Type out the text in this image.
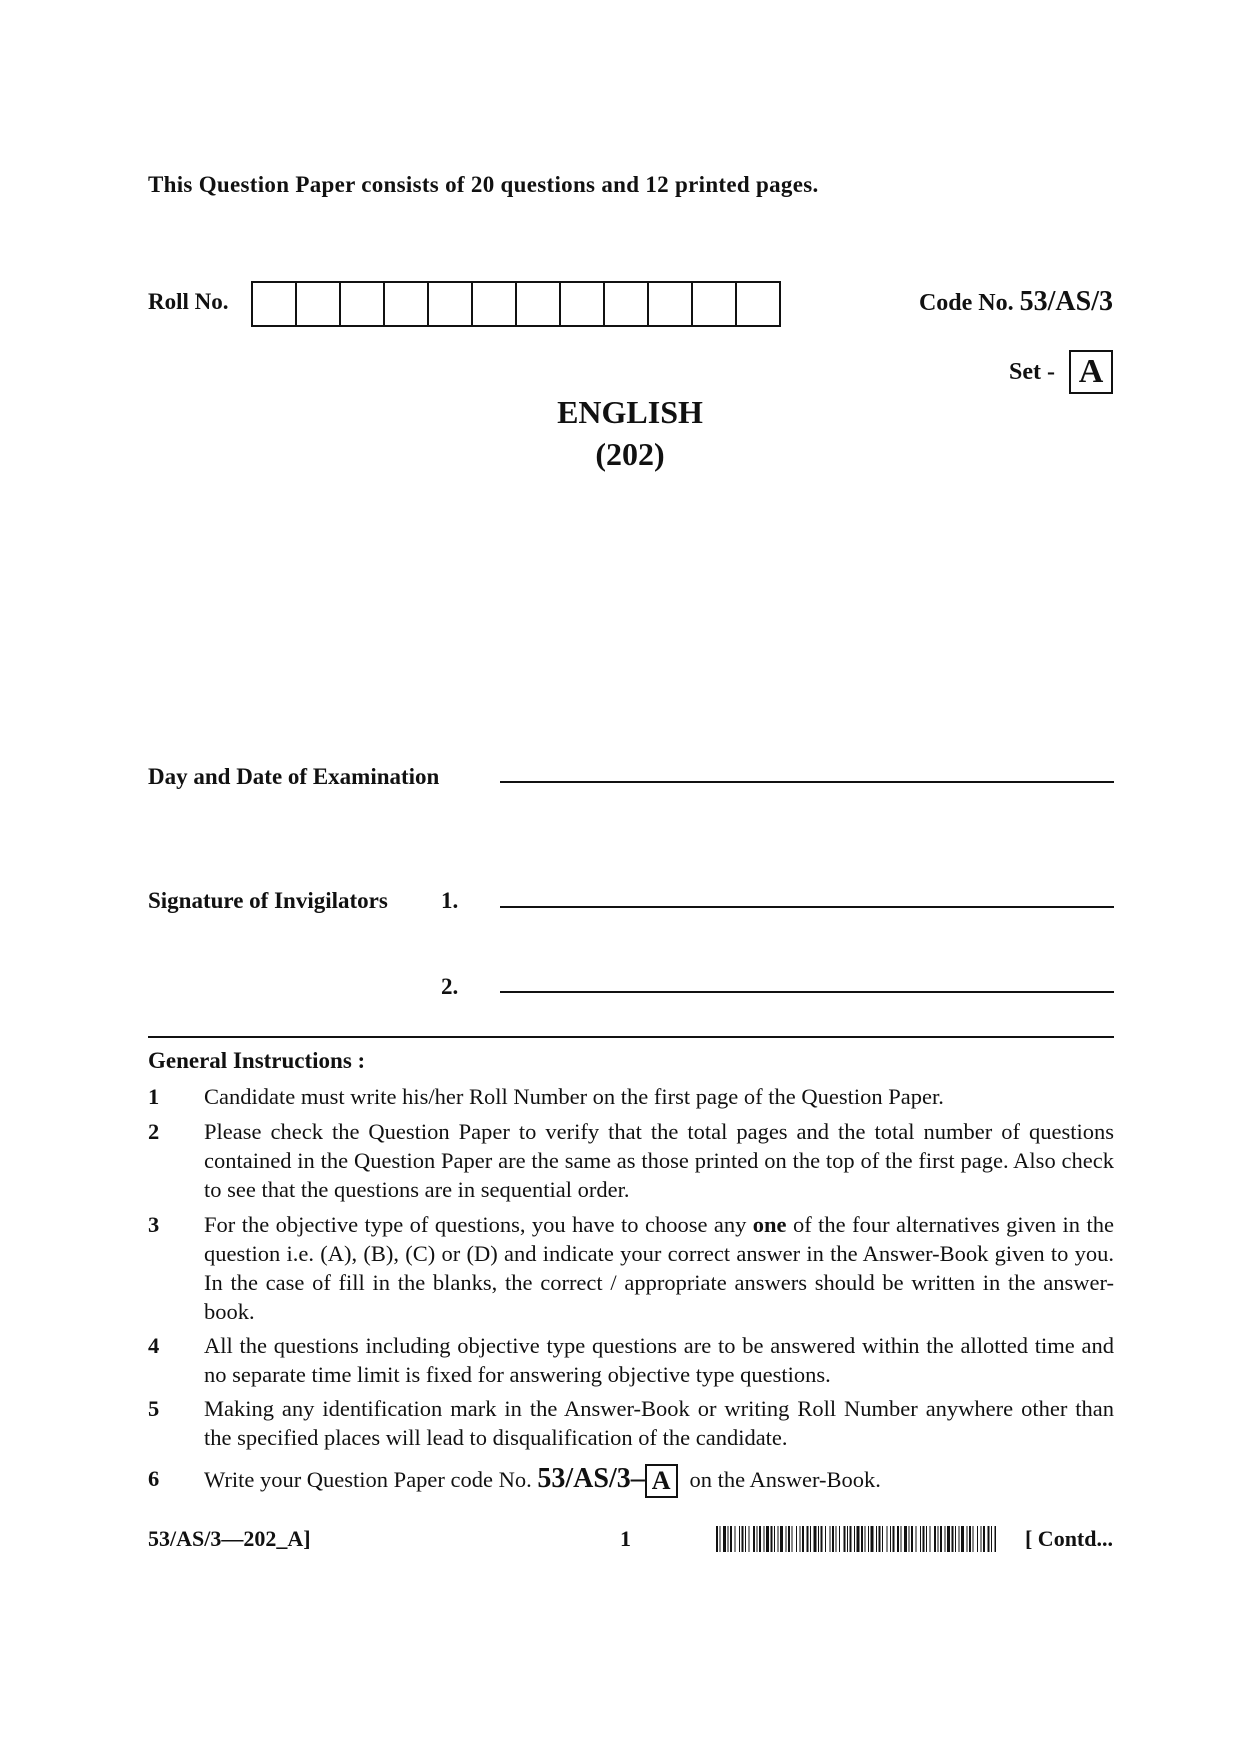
This Question Paper consists of 20 questions and 12 printed pages.
Roll No.	Code No. 53/AS/3
Set - A
ENGLISH
(202)
Day and Date of Examination
Signature of Invigilators 1.
2.
General Instructions :
1	Candidate must write his/her Roll Number on the first page of the Question Paper.
2	Please check the Question Paper to verify that the total pages and the total number of questions contained in the Question Paper are the same as those printed on the top of the first page. Also check to see that the questions are in sequential order.
3	For the objective type of questions, you have to choose any one of the four alternatives given in the question i.e. (A), (B), (C) or (D) and indicate your correct answer in the Answer-Book given to you. In the case of fill in the blanks, the correct / appropriate answers should be written in the answer-book.
4	All the questions including objective type questions are to be answered within the allotted time and no separate time limit is fixed for answering objective type questions.
5	Making any identification mark in the Answer-Book or writing Roll Number anywhere other than the specified places will lead to disqualification of the candidate.
6	Write your Question Paper code No. 53/AS/3– A on the Answer-Book.
53/AS/3—202_A]	1	[ Contd...
